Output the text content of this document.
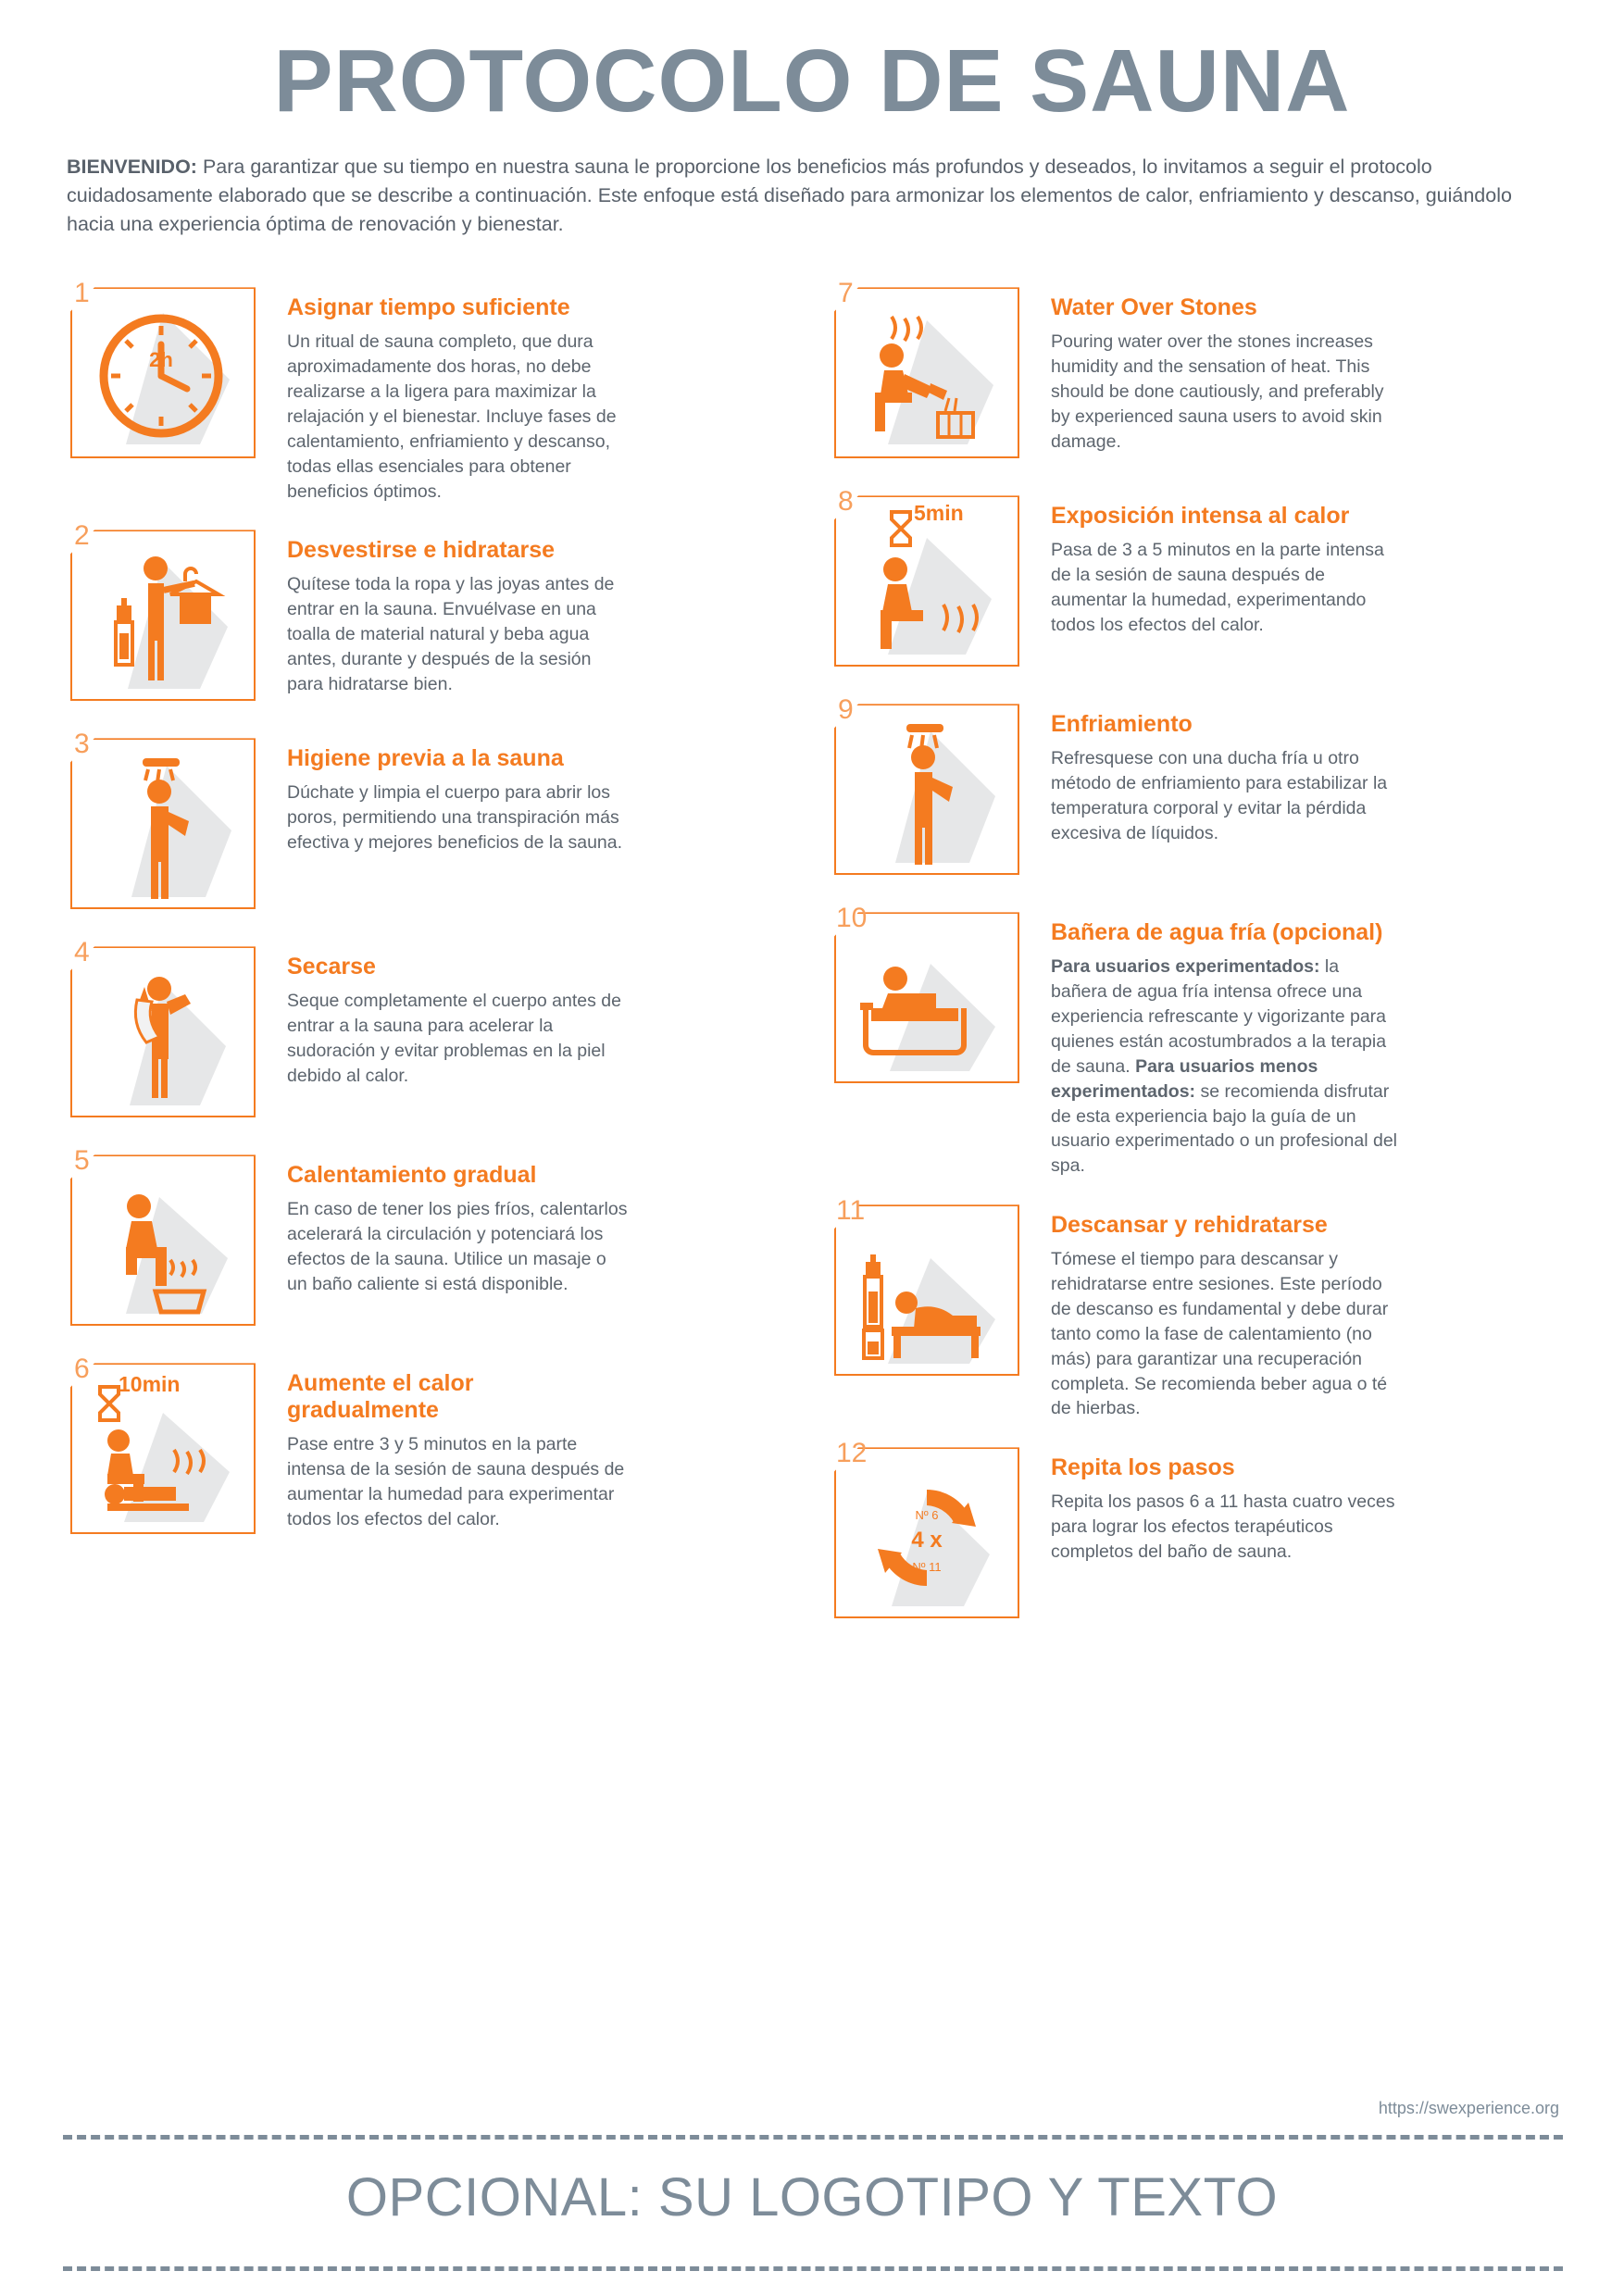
PROTOCOLO DE SAUNA
BIENVENIDO: Para garantizar que su tiempo en nuestra sauna le proporcione los beneficios más profundos y deseados, lo invitamos a seguir el protocolo cuidadosamente elaborado que se describe a continuación. Este enfoque está diseñado para armonizar los elementos de calor, enfriamiento y descanso, guiándolo hacia una experiencia óptima de renovación y bienestar.
1
2h
Asignar tiempo suficiente
Un ritual de sauna completo, que dura aproximadamente dos horas, no debe realizarse a la ligera para maximizar la relajación y el bienestar. Incluye fases de calentamiento, enfriamiento y descanso, todas ellas esenciales para obtener beneficios óptimos.
2	Desvestirse e hidratarse
Quítese toda la ropa y las joyas antes de entrar en la sauna. Envuélvase en una toalla de material natural y beba agua antes, durante y después de la sesión para hidratarse bien.
3	Higiene previa a la sauna
Dúchate y limpia el cuerpo para abrir los poros, permitiendo una transpiración más efectiva y mejores beneficios de la sauna.
4	Secarse
Seque completamente el cuerpo antes de entrar a la sauna para acelerar la sudoración y evitar problemas en la piel debido al calor.
5	Calentamiento gradual
En caso de tener los pies fríos, calentarlos acelerará la circulación y potenciará los efectos de la sauna. Utilice un masaje o un baño caliente si está disponible.
6 10min	Aumente el calor gradualmente
Pase entre 3 y 5 minutos en la parte intensa de la sesión de sauna después de aumentar la humedad para experimentar todos los efectos del calor.
7	Water Over Stones
Pouring water over the stones increases humidity and the sensation of heat. This should be done cautiously, and preferably by experienced sauna users to avoid skin damage.
8	5min	Exposición intensa al calor
Pasa de 3 a 5 minutos en la parte intensa de la sesión de sauna después de aumentar la humedad, experimentando todos los efectos del calor.
9	Enfriamiento
Refresquese con una ducha fría u otro método de enfriamiento para estabilizar la temperatura corporal y evitar la pérdida excesiva de líquidos.
10	Bañera de agua fría (opcional)
Para usuarios experimentados: la bañera de agua fría intensa ofrece una experiencia refrescante y vigorizante para quienes están acostumbrados a la terapia de sauna. Para usuarios menos experimentados: se recomienda disfrutar de esta experiencia bajo la guía de un usuario experimentado o un profesional del spa.
11	Descansar y rehidratarse
Tómese el tiempo para descansar y rehidratarse entre sesiones. Este período de descanso es fundamental y debe durar tanto como la fase de calentamiento (no más) para garantizar una recuperación completa. Se recomienda beber agua o té de hierbas.
12
Nº 6
4 x
Nº 11
Repita los pasos
Repita los pasos 6 a 11 hasta cuatro veces para lograr los efectos terapéuticos completos del baño de sauna.
https://swexperience.org
OPCIONAL: SU LOGOTIPO Y TEXTO
